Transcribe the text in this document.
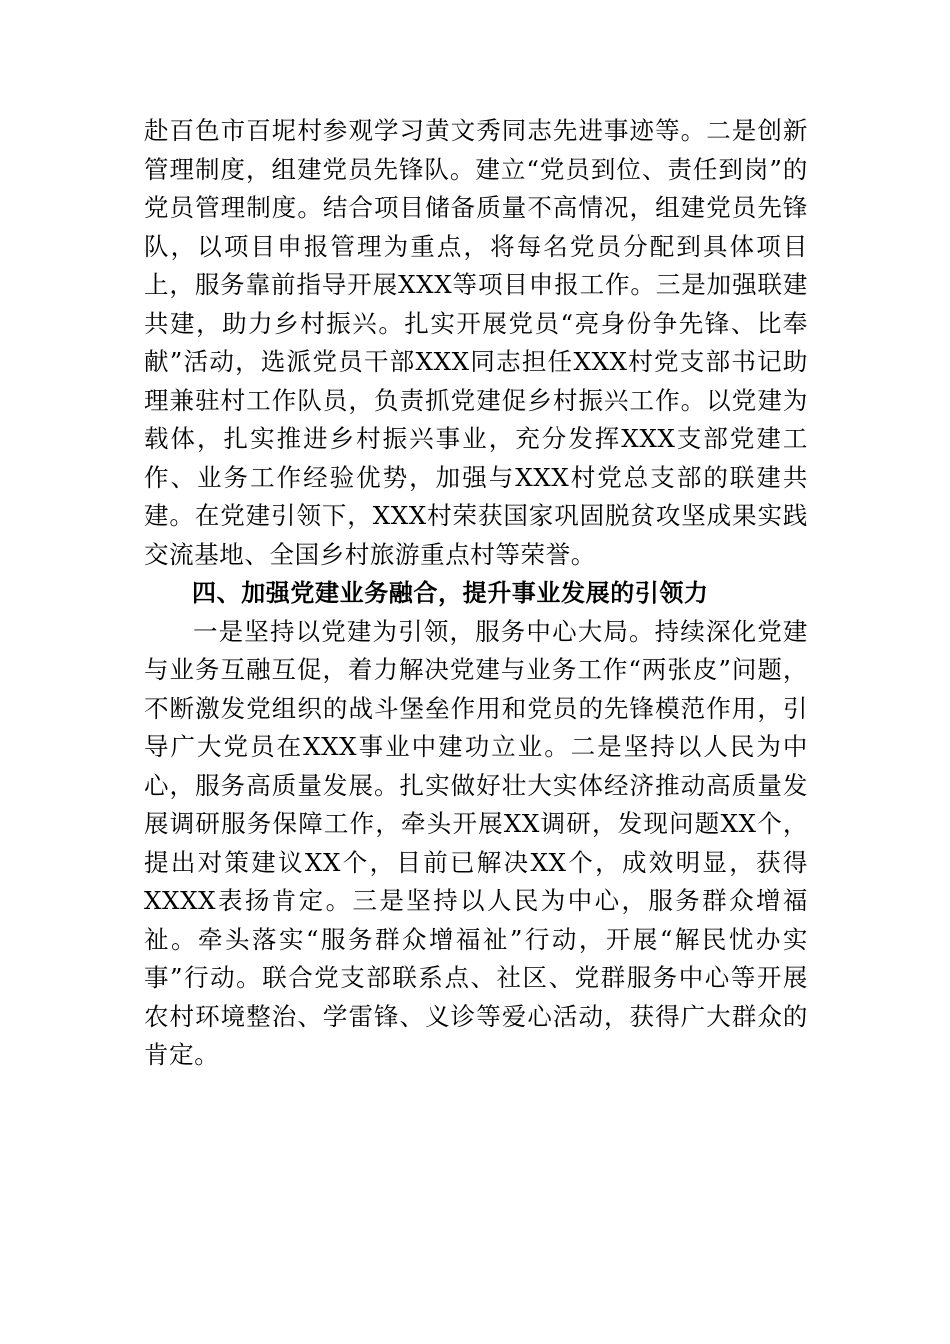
赴百色市百坭村参观学习黄文秀同志先进事迹等。二是创新管理制度，组建党员先锋队。建立“党员到位、责任到岗”的党员管理制度。结合项目储备质量不高情况，组建党员先锋队，以项目申报管理为重点，将每名党员分配到具体项目上，服务靠前指导开展XXX等项目申报工作。三是加强联建共建，助力乡村振兴。扎实开展党员“亮身份争先锋、比奉献”活动，选派党员干部XXX同志担任XXX村党支部书记助理兼驻村工作队员，负责抓党建促乡村振兴工作。以党建为载体，扎实推进乡村振兴事业，充分发挥XXX支部党建工作、业务工作经验优势，加强与XXX村党总支部的联建共建。在党建引领下，XXX村荣获国家巩固脱贫攻坚成果实践交流基地、全国乡村旅游重点村等荣誉。

四、加强党建业务融合，提升事业发展的引领力

一是坚持以党建为引领，服务中心大局。持续深化党建与业务互融互促，着力解决党建与业务工作“两张皮”问题，不断激发党组织的战斗堡垒作用和党员的先锋模范作用，引导广大党员在XXX事业中建功立业。二是坚持以人民为中心，服务高质量发展。扎实做好壮大实体经济推动高质量发展调研服务保障工作，牵头开展XX调研，发现问题XX个，提出对策建议XX个，目前已解决XX个，成效明显，获得XXXX表扬肯定。三是坚持以人民为中心，服务群众增福祉。牵头落实“服务群众增福祉”行动，开展“解民忧办实事”行动。联合党支部联系点、社区、党群服务中心等开展农村环境整治、学雷锋、义诊等爱心活动，获得广大群众的肯定。
